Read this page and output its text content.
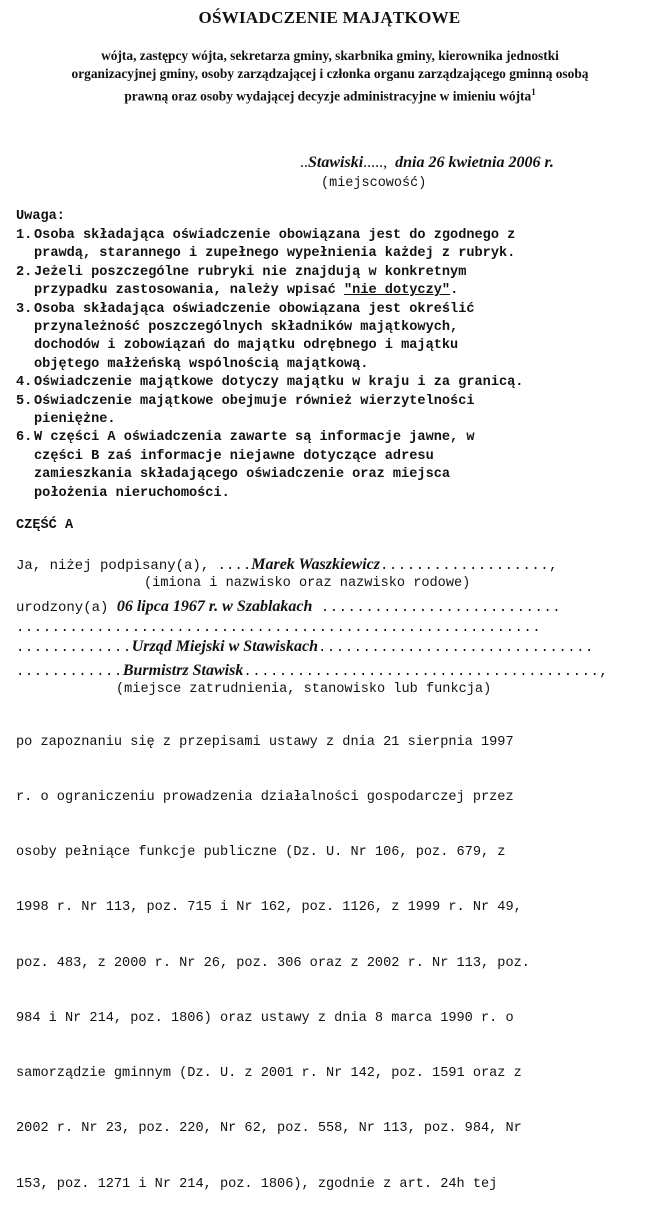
OŚWIADCZENIE MAJĄTKOWE
wójta, zastępcy wójta, sekretarza gminy, skarbnika gminy, kierownika jednostki
organizacyjnej gminy, osoby zarządzającej i członka organu zarządzającego gminną osobą
prawną oraz osoby wydającej decyzje administracyjne w imieniu wójta$^1$
..Stawiski....., dnia 26 kwietnia 2006 r.
(miejscowość)
Uwaga:
1. Osoba składająca oświadczenie obowiązana jest do zgodnego z
prawdą, starannego i zupełnego wypełnienia każdej z rubryk.
2. Jeżeli poszczególne rubryki nie znajdują w konkretnym
przypadku zastosowania, należy wpisać "nie dotyczy".
3. Osoba składająca oświadczenie obowiązana jest określić
przynależność poszczególnych składników majątkowych,
dochodów i zobowiązań do majątku odrębnego i majątku
objętego małżeńską wspólnością majątkową.
4. Oświadczenie majątkowe dotyczy majątku w kraju i za granicą.
5. Oświadczenie majątkowe obejmuje również wierzytelności
pieniężne.
6. W części A oświadczenia zawarte są informacje jawne, w
części B zaś informacje niejawne dotyczące adresu
zamieszkania składającego oświadczenie oraz miejsca
położenia nieruchomości.
CZĘŚĆ A
Ja, niżej podpisany(a), ....Marek Waszkiewicz...................,
(imiona i nazwisko oraz nazwisko rodowe)
urodzony(a) 06 lipca 1967 r. w Szablakach ...........................
...........................................................
.............Urząd Miejski w Stawiskach...............................
............Burmistrz Stawisk........................................,
(miejsce zatrudnienia, stanowisko lub funkcja)

po zapoznaniu się z przepisami ustawy z dnia 21 sierpnia 1997

r. o ograniczeniu prowadzenia działalności gospodarczej przez

osoby pełniące funkcje publiczne (Dz. U. Nr 106, poz. 679, z

1998 r. Nr 113, poz. 715 i Nr 162, poz. 1126, z 1999 r. Nr 49,

poz. 483, z 2000 r. Nr 26, poz. 306 oraz z 2002 r. Nr 113, poz.

984 i Nr 214, poz. 1806) oraz ustawy z dnia 8 marca 1990 r. o

samorządzie gminnym (Dz. U. z 2001 r. Nr 142, poz. 1591 oraz z

2002 r. Nr 23, poz. 220, Nr 62, poz. 558, Nr 113, poz. 984, Nr

153, poz. 1271 i Nr 214, poz. 1806), zgodnie z art. 24h tej
